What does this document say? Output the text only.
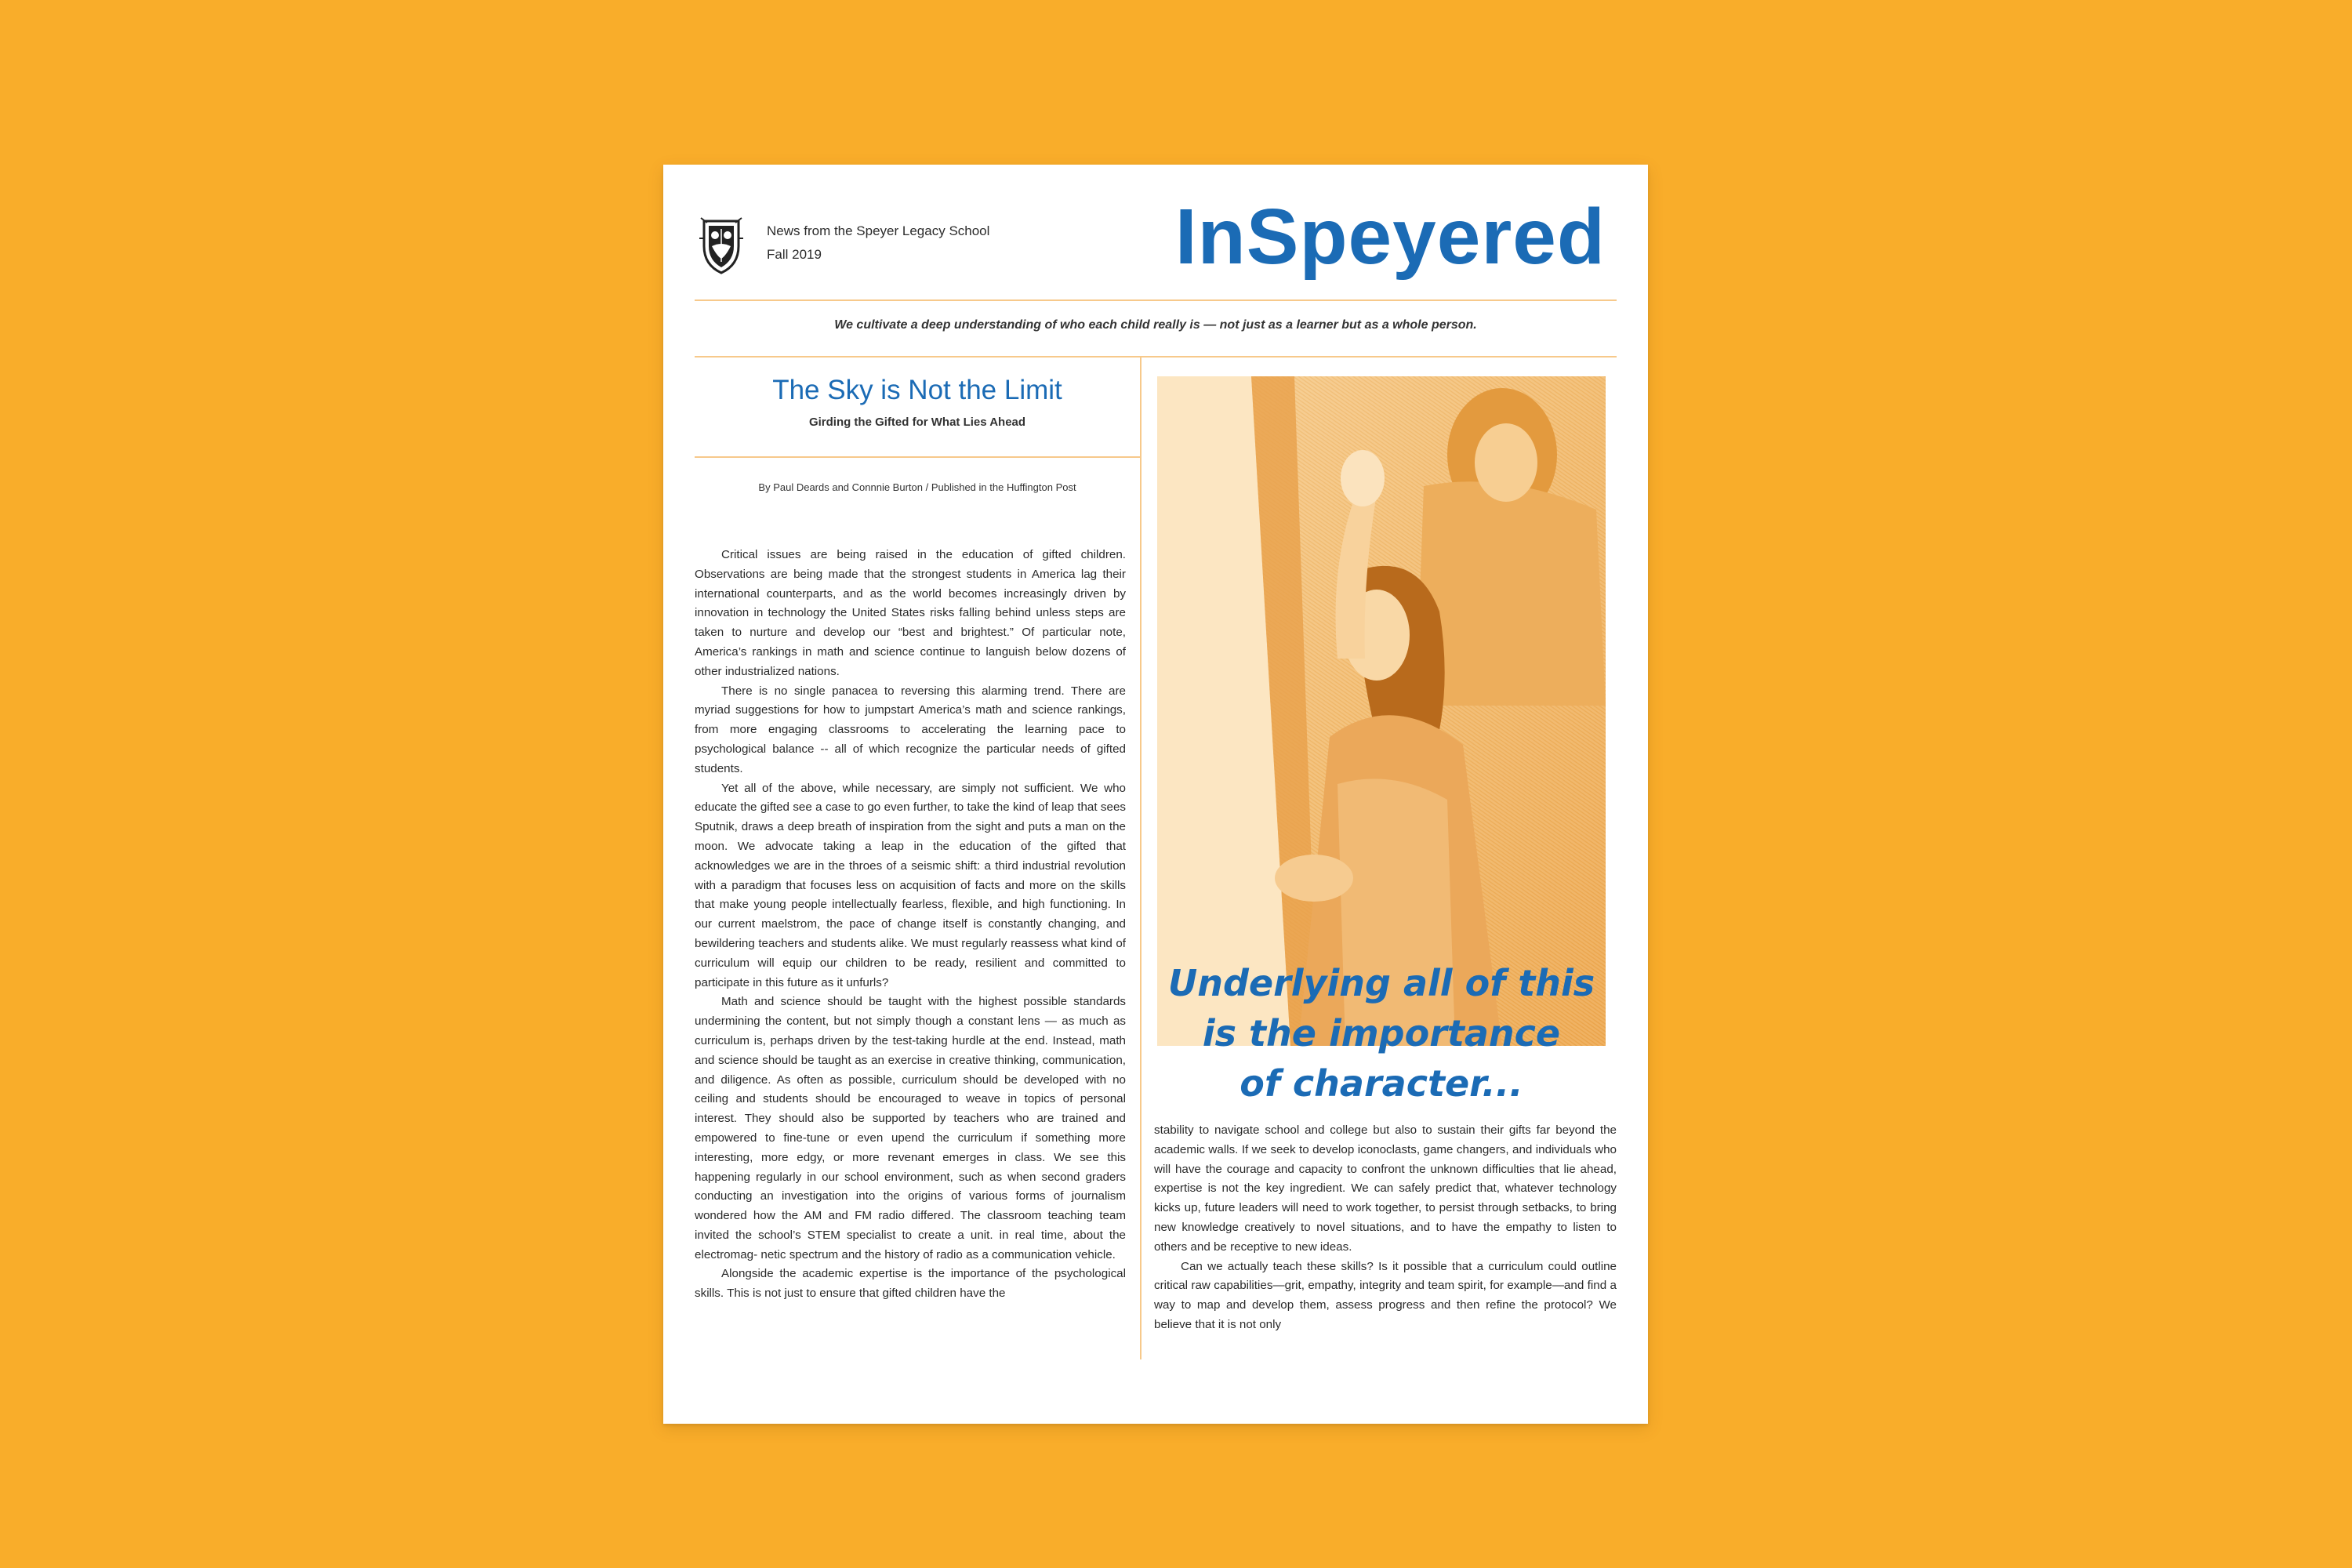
News from the Speyer Legacy School
Fall 2019	InSpeyered
We cultivate a deep understanding of who each child really is — not just as a learner but as a whole person.
The Sky is Not the Limit
Girding the Gifted for What Lies Ahead
By Paul Deards and Connnie Burton / Published in the Huffington Post

Critical issues are being raised in the education of gifted children. Observations are being made that the strongest students in America lag their international counterparts, and as the world becomes increasingly driven by innovation in technology the United States risks falling behind unless steps are taken to nurture and develop our “best and brightest.” Of particular note, America’s rankings in math and science continue to languish below dozens of other industrialized nations.

There is no single panacea to reversing this alarming trend. There are myriad suggestions for how to jumpstart America’s math and science rankings, from more engaging classrooms to accelerating the learning pace to psychological balance -- all of which recognize the particular needs of gifted students.

Yet all of the above, while necessary, are simply not sufficient. We who educate the gifted see a case to go even further, to take the kind of leap that sees Sputnik, draws a deep breath of inspiration from the sight and puts a man on the moon. We advocate taking a leap in the education of the gifted that acknowledges we are in the throes of a seismic shift: a third industrial revolution with a paradigm that focuses less on acquisition of facts and more on the skills that make young people intellectually fearless, flexible, and high functioning. In our current maelstrom, the pace of change itself is constantly changing, and bewildering teachers and students alike. We must regularly reassess what kind of curriculum will equip our children to be ready, resilient and committed to participate in this future as it unfurls?

Math and science should be taught with the highest possible standards undermining the content, but not simply though a constant lens — as much as curriculum is, perhaps driven by the test-taking hurdle at the end. Instead, math and science should be taught as an exercise in creative thinking, communication, and diligence. As often as possible, curriculum should be developed with no ceiling and students should be encouraged to weave in topics of personal interest. They should also be supported by teachers who are trained and empowered to fine-tune or even upend the curriculum if something more interesting, more edgy, or more revenant emerges in class. We see this happening regularly in our school environment, such as when second graders conducting an investigation into the origins of various forms of journalism wondered how the AM and FM radio differed. The classroom teaching team invited the school’s STEM specialist to create a unit. in real time, about the electromag- netic spectrum and the history of radio as a communication vehicle.

Alongside the academic expertise is the importance of the psychological skills. This is not just to ensure that gifted children have the

Underlying all of this
is the importance
of character...

stability to navigate school and college but also to sustain their gifts far beyond the academic walls. If we seek to develop iconoclasts, game changers, and individuals who will have the courage and capacity to confront the unknown difficulties that lie ahead, expertise is not the key ingredient. We can safely predict that, whatever technology kicks up, future leaders will need to work together, to persist through setbacks, to bring new knowledge creatively to novel situations, and to have the empathy to listen to others and be receptive to new ideas.

Can we actually teach these skills? Is it possible that a curriculum could outline critical raw capabilities—grit, empathy, integrity and team spirit, for example—and find a way to map and develop them, assess progress and then refine the protocol? We believe that it is not only
